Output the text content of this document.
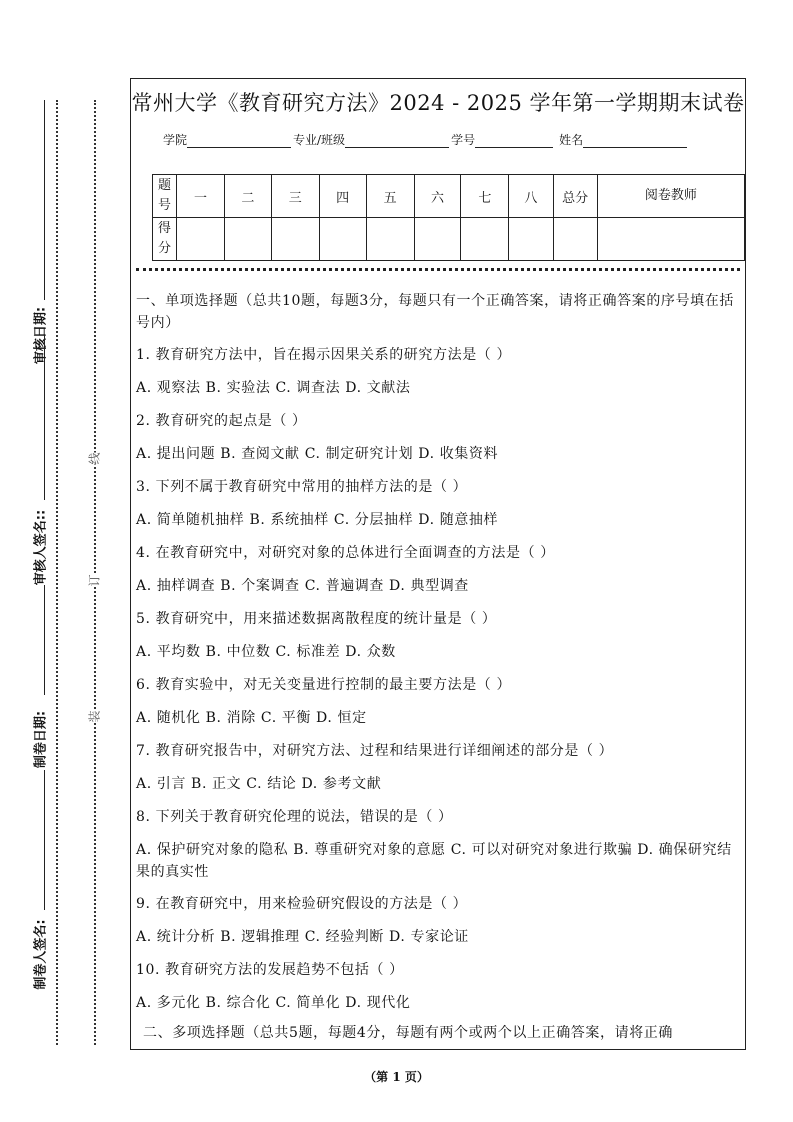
审核日期:
审核人签名::
制卷日期:
制卷人签名:
线
订
装
常州大学《教育研究方法》2024 - 2025 学年第一学期期末试卷
学院	专业/班级	学号	姓名
题号	一	二	三	四	五	六	七	八	总分	阅卷教师
得分										
一、单项选择题（总共10题，每题3分，每题只有一个正确答案，请将正确答案的序号填在括号内）
二、多项选择题（总共5题，每题4分，每题有两个或两个以上正确答案，请将正确
1. 教育研究方法中，旨在揭示因果关系的研究方法是（ ）
A. 观察法 B. 实验法 C. 调查法 D. 文献法
2. 教育研究的起点是（ ）
A. 提出问题 B. 查阅文献 C. 制定研究计划 D. 收集资料
3. 下列不属于教育研究中常用的抽样方法的是（ ）
A. 简单随机抽样 B. 系统抽样 C. 分层抽样 D. 随意抽样
4. 在教育研究中，对研究对象的总体进行全面调查的方法是（ ）
A. 抽样调查 B. 个案调查 C. 普遍调查 D. 典型调查
5. 教育研究中，用来描述数据离散程度的统计量是（ ）
A. 平均数 B. 中位数 C. 标准差 D. 众数
6. 教育实验中，对无关变量进行控制的最主要方法是（ ）
A. 随机化 B. 消除 C. 平衡 D. 恒定
7. 教育研究报告中，对研究方法、过程和结果进行详细阐述的部分是（ ）
A. 引言 B. 正文 C. 结论 D. 参考文献
8. 下列关于教育研究伦理的说法，错误的是（ ）
A. 保护研究对象的隐私 B. 尊重研究对象的意愿 C. 可以对研究对象进行欺骗 D. 确保研究结果的真实性
9. 在教育研究中，用来检验研究假设的方法是（ ）
A. 统计分析 B. 逻辑推理 C. 经验判断 D. 专家论证
10. 教育研究方法的发展趋势不包括（ ）
A. 多元化 B. 综合化 C. 简单化 D. 现代化
（第 1 页）
